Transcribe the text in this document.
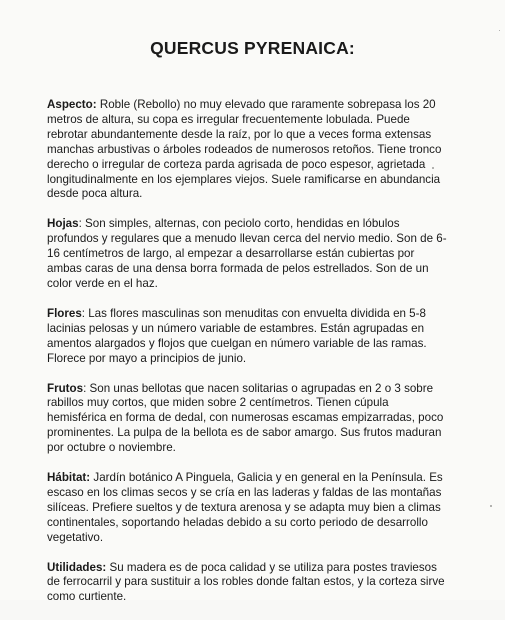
QUERCUS PYRENAICA:

Aspecto: Roble (Rebollo) no muy elevado que raramente sobrepasa los 20 metros de altura, su copa es irregular frecuentemente lobulada. Puede rebrotar abundantemente desde la raíz, por lo que a veces forma extensas manchas arbustivas o árboles rodeados de numerosos retoños. Tiene tronco derecho o irregular de corteza parda agrisada de poco espesor, agrietada longitudinalmente en los ejemplares viejos. Suele ramificarse en abundancia desde poca altura.

Hojas: Son simples, alternas, con peciolo corto, hendidas en lóbulos profundos y regulares que a menudo llevan cerca del nervio medio. Son de 6-16 centímetros de largo, al empezar a desarrollarse están cubiertas por ambas caras de una densa borra formada de pelos estrellados. Son de un color verde en el haz.

Flores: Las flores masculinas son menuditas con envuelta dividida en 5-8 lacinias pelosas y un número variable de estambres. Están agrupadas en amentos alargados y flojos que cuelgan en número variable de las ramas. Florece por mayo a principios de junio.

Frutos: Son unas bellotas que nacen solitarias o agrupadas en 2 o 3 sobre rabillos muy cortos, que miden sobre 2 centímetros. Tienen cúpula hemisférica en forma de dedal, con numerosas escamas empizarradas, poco prominentes. La pulpa de la bellota es de sabor amargo. Sus frutos maduran por octubre o noviembre.

Hábitat: Jardín botánico A Pinguela, Galicia y en general en la Península. Es escaso en los climas secos y se cría en las laderas y faldas de las montañas silíceas. Prefiere sueltos y de textura arenosa y se adapta muy bien a climas continentales, soportando heladas debido a su corto periodo de desarrollo vegetativo.

Utilidades: Su madera es de poca calidad y se utiliza para postes traviesos de ferrocarril y para sustituir a los robles donde faltan estos, y la corteza sirve como curtiente.
